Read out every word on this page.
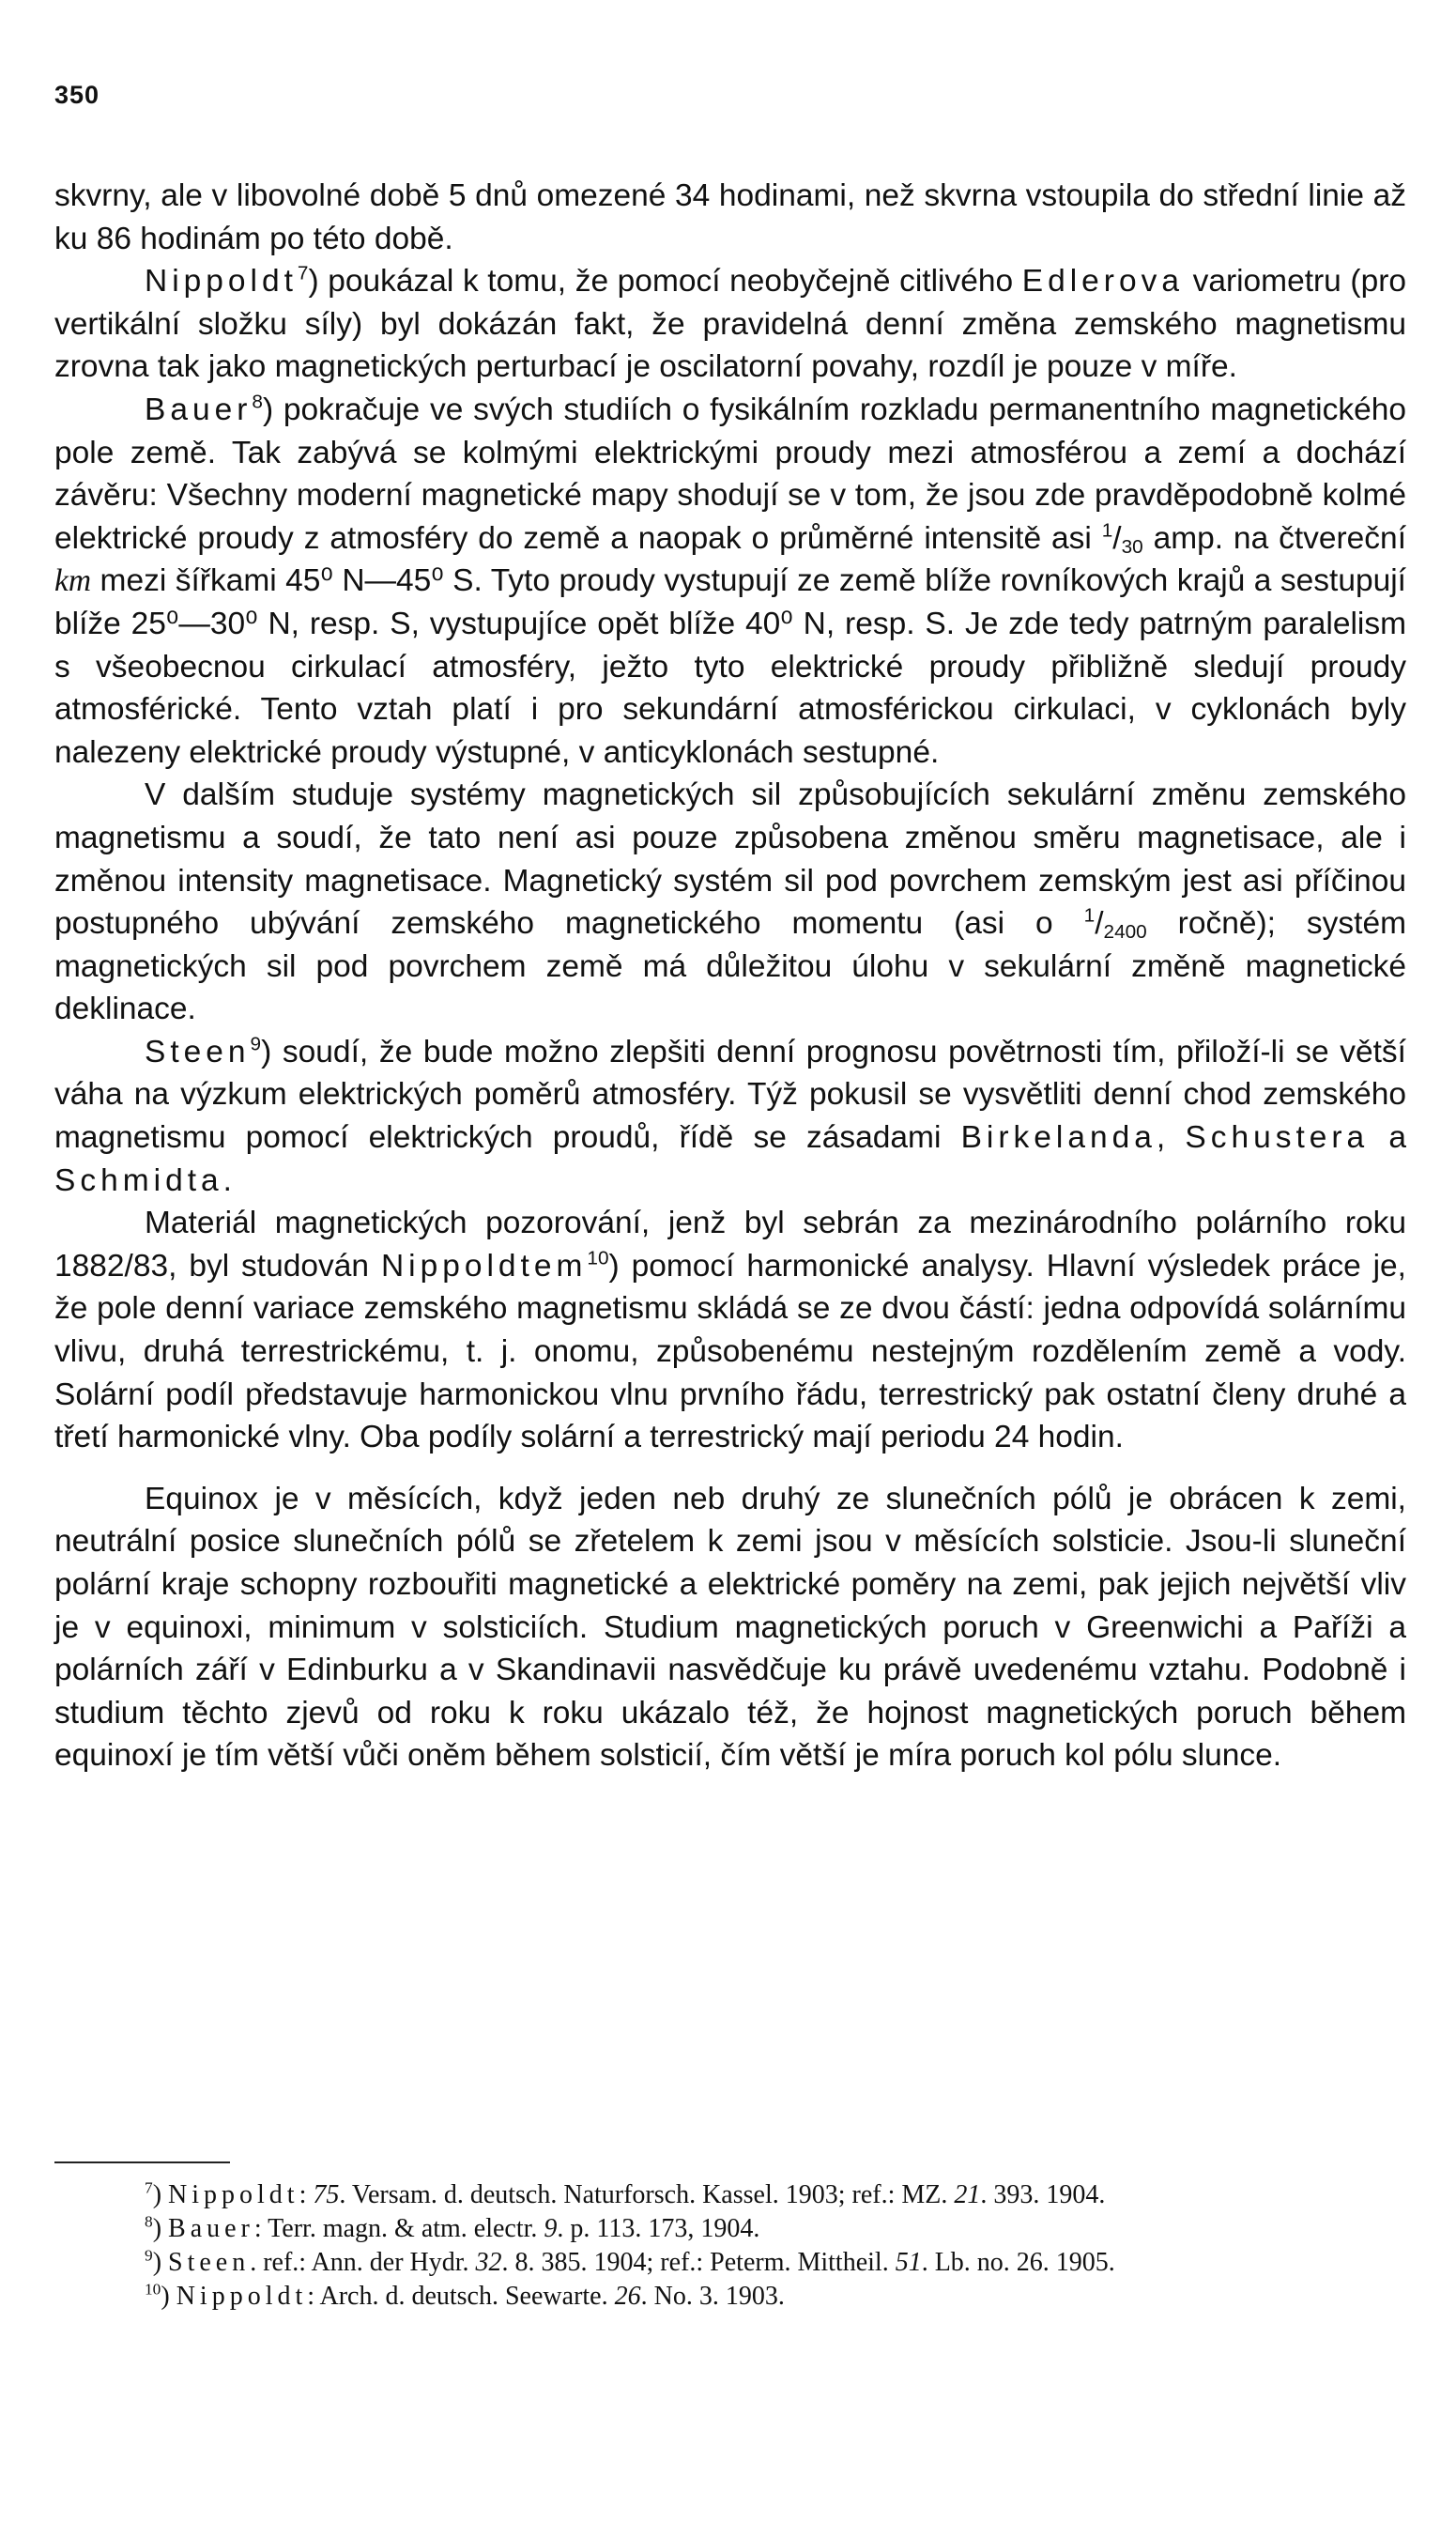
350

skvrny, ale v libovolné době 5 dnů omezené 34 hodinami, než skvrna vstoupila do střední linie až ku 86 hodinám po této době.

Nippoldt$^7$) poukázal k tomu, že pomocí neobyčejně citlivého Edlerova variometru (pro vertikální složku síly) byl dokázán fakt, že pravidelná denní změna zemského magnetismu zrovna tak jako magnetických perturbací je oscilatorní povahy, rozdíl je pouze v míře.

Bauer$^8$) pokračuje ve svých studiích o fysikálním rozkladu permanentního magnetického pole země. Tak zabývá se kolmými elektrickými proudy mezi atmosférou a zemí a dochází závěru: Všechny moderní magnetické mapy shodují se v tom, že jsou zde pravděpodobně kolmé elektrické proudy z atmosféry do země a naopak o průměrné intensitě asi $^1/_{30}$ amp. na čtvereční km mezi šířkami 45⁰ N—45⁰ S. Tyto proudy vystupují ze země blíže rovníkových krajů a sestupují blíže 25⁰—30⁰ N, resp. S, vystupujíce opět blíže 40⁰ N, resp. S. Je zde tedy patrným paralelism s všeobecnou cirkulací atmosféry, ježto tyto elektrické proudy přibližně sledují proudy atmosférické. Tento vztah platí i pro sekundární atmosférickou cirkulaci, v cyklonách byly nalezeny elektrické proudy výstupné, v anticyklonách sestupné.

V dalším studuje systémy magnetických sil způsobujících sekulární změnu zemského magnetismu a soudí, že tato není asi pouze způsobena změnou směru magnetisace, ale i změnou intensity magnetisace. Magnetický systém sil pod povrchem zemským jest asi příčinou postupného ubývání zemského magnetického momentu (asi o $^1/_{2400}$ ročně); systém magnetických sil pod povrchem země má důležitou úlohu v sekulární změně magnetické deklinace.

Steen$^9$) soudí, že bude možno zlepšiti denní prognosu povětrnosti tím, přiloží-li se větší váha na výzkum elektrických poměrů atmosféry. Týž pokusil se vysvětliti denní chod zemského magnetismu pomocí elektrických proudů, řídě se zásadami Birkelanda, Schustera a Schmidta.

Materiál magnetických pozorování, jenž byl sebrán za mezinárodního polárního roku 1882/83, byl studován Nippoldtem$^{10}$) pomocí harmonické analysy. Hlavní výsledek práce je, že pole denní variace zemského magnetismu skládá se ze dvou částí: jedna odpovídá solárnímu vlivu, druhá terrestrickému, t. j. onomu, způsobenému nestejným rozdělením země a vody. Solární podíl představuje harmonickou vlnu prvního řádu, terrestrický pak ostatní členy druhé a třetí harmonické vlny. Oba podíly solární a terrestrický mají periodu 24 hodin.

Equinox je v měsících, když jeden neb druhý ze slunečních pólů je obrácen k zemi, neutrální posice slunečních pólů se zřetelem k zemi jsou v měsících solsticie. Jsou-li sluneční polární kraje schopny rozbouřiti magnetické a elektrické poměry na zemi, pak jejich největší vliv je v equinoxi, minimum v solsticiích. Studium magnetických poruch v Greenwichi a Paříži a polárních září v Edinburku a v Skandinavii nasvědčuje ku právě uvedenému vztahu. Podobně i studium těchto zjevů od roku k roku ukázalo též, že hojnost magnetických poruch během equinoxí je tím větší vůči oněm během solsticií, čím větší je míra poruch kol pólu slunce.

$^7$) Nippoldt: 75. Versam. d. deutsch. Naturforsch. Kassel. 1903; ref.: MZ. 21. 393. 1904.

$^8$) Bauer: Terr. magn. & atm. electr. 9. p. 113. 173, 1904.

$^9$) Steen. ref.: Ann. der Hydr. 32. 8. 385. 1904; ref.: Peterm. Mittheil. 51. Lb. no. 26. 1905.

$^{10}$) Nippoldt: Arch. d. deutsch. Seewarte. 26. No. 3. 1903.
